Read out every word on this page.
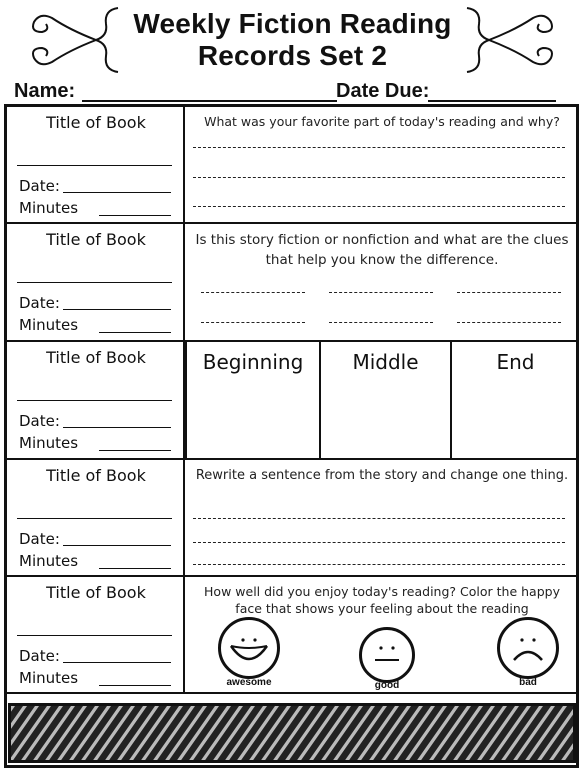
Weekly Fiction Reading
Records Set 2
Name:	Date Due:
Title of Book
Date:
Minutes
What was your favorite part of today's reading and why?
Title of Book
Date:
Minutes
Is this story fiction or nonfiction and what are the clues that help you know the difference.
Title of Book
Date:
Minutes
Beginning	Middle	End
Title of Book
Date:
Minutes
Rewrite a sentence from the story and change one thing.
Title of Book
Date:
Minutes
How well did you enjoy today's reading? Color the happy face that shows your feeling about the reading
awesome	good	bad
